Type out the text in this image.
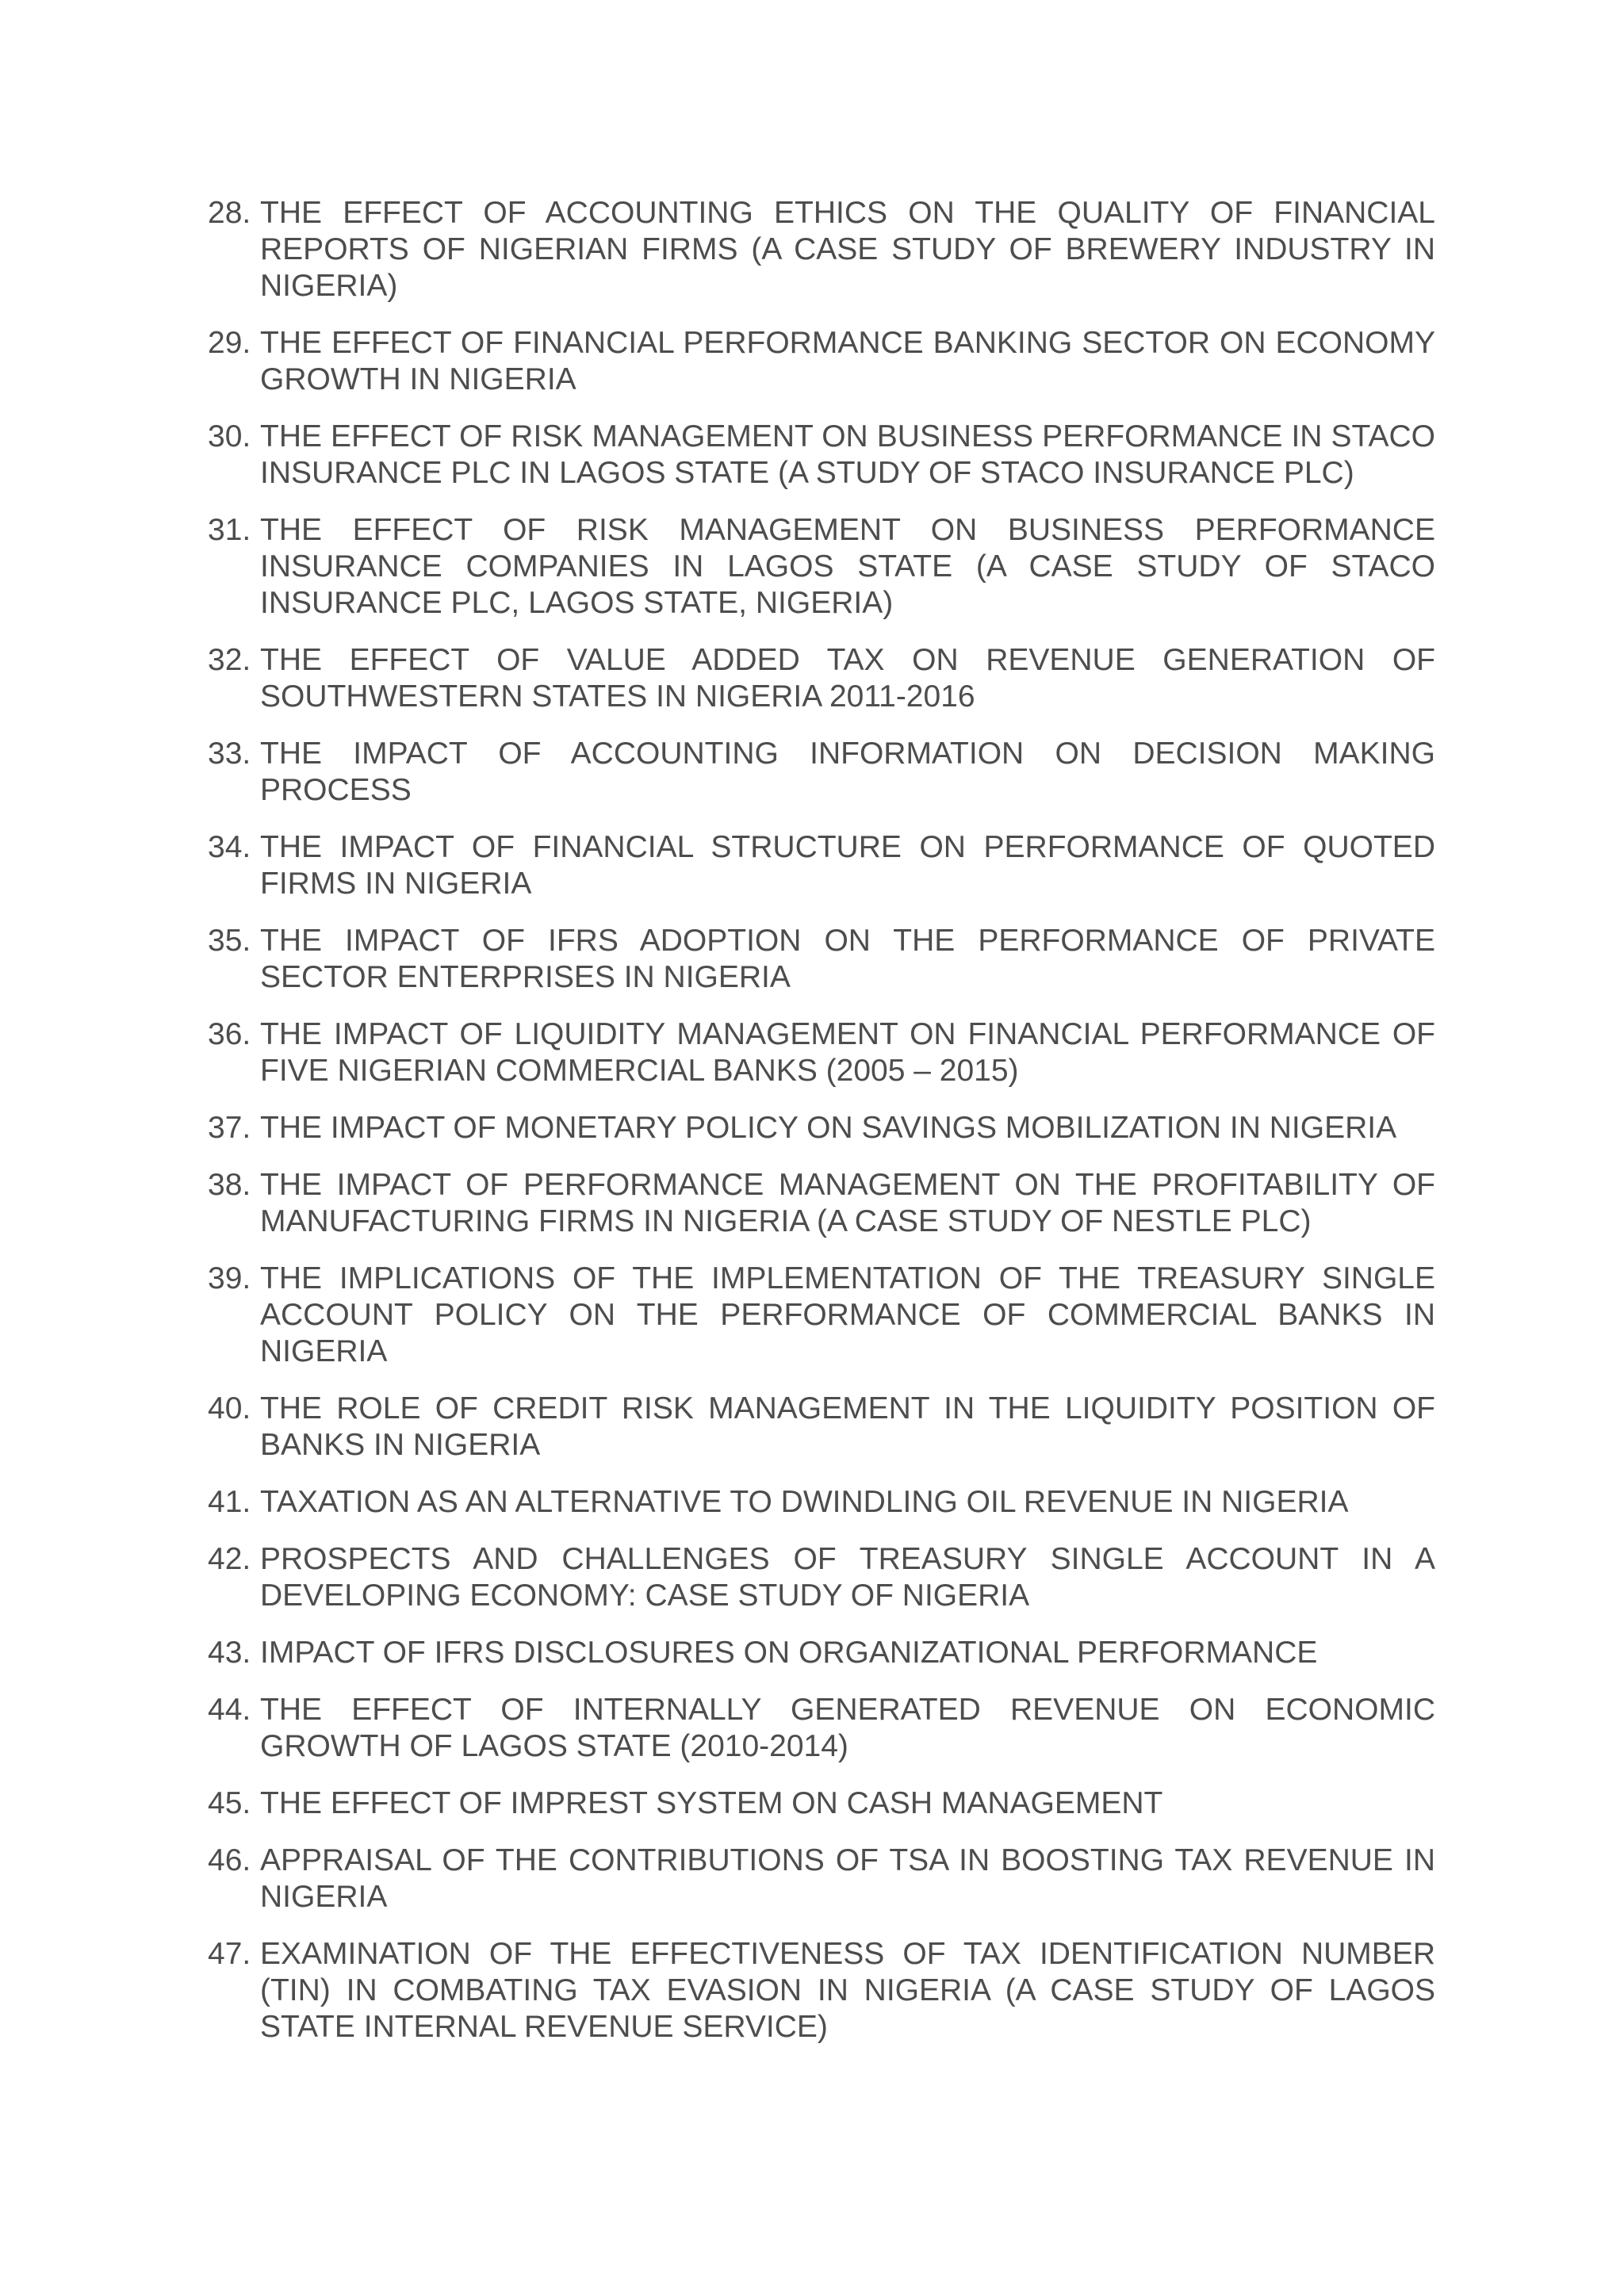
28. THE EFFECT OF ACCOUNTING ETHICS ON THE QUALITY OF FINANCIAL REPORTS OF NIGERIAN FIRMS (A CASE STUDY OF BREWERY INDUSTRY IN NIGERIA)
29. THE EFFECT OF FINANCIAL PERFORMANCE BANKING SECTOR ON ECONOMY GROWTH IN NIGERIA
30. THE EFFECT OF RISK MANAGEMENT ON BUSINESS PERFORMANCE IN STACO INSURANCE PLC IN LAGOS STATE (A STUDY OF STACO INSURANCE PLC)
31. THE EFFECT OF RISK MANAGEMENT ON BUSINESS PERFORMANCE INSURANCE COMPANIES IN LAGOS STATE (A CASE STUDY OF STACO INSURANCE PLC, LAGOS STATE, NIGERIA)
32. THE EFFECT OF VALUE ADDED TAX ON REVENUE GENERATION OF SOUTHWESTERN STATES IN NIGERIA 2011-2016
33. THE IMPACT OF ACCOUNTING INFORMATION ON DECISION MAKING PROCESS
34. THE IMPACT OF FINANCIAL STRUCTURE ON PERFORMANCE OF QUOTED FIRMS IN NIGERIA
35. THE IMPACT OF IFRS ADOPTION ON THE PERFORMANCE OF PRIVATE SECTOR ENTERPRISES IN NIGERIA
36. THE IMPACT OF LIQUIDITY MANAGEMENT ON FINANCIAL PERFORMANCE OF FIVE NIGERIAN COMMERCIAL BANKS (2005 – 2015)
37. THE IMPACT OF MONETARY POLICY ON SAVINGS MOBILIZATION IN NIGERIA
38. THE IMPACT OF PERFORMANCE MANAGEMENT ON THE PROFITABILITY OF MANUFACTURING FIRMS IN NIGERIA (A CASE STUDY OF NESTLE PLC)
39. THE IMPLICATIONS OF THE IMPLEMENTATION OF THE TREASURY SINGLE ACCOUNT POLICY ON THE PERFORMANCE OF COMMERCIAL BANKS IN NIGERIA
40. THE ROLE OF CREDIT RISK MANAGEMENT IN THE LIQUIDITY POSITION OF BANKS IN NIGERIA
41. TAXATION AS AN ALTERNATIVE TO DWINDLING OIL REVENUE IN NIGERIA
42. PROSPECTS AND CHALLENGES OF TREASURY SINGLE ACCOUNT IN A DEVELOPING ECONOMY: CASE STUDY OF NIGERIA
43. IMPACT OF IFRS DISCLOSURES ON ORGANIZATIONAL PERFORMANCE
44. THE EFFECT OF INTERNALLY GENERATED REVENUE ON ECONOMIC GROWTH OF LAGOS STATE (2010-2014)
45. THE EFFECT OF IMPREST SYSTEM ON CASH MANAGEMENT
46. APPRAISAL OF THE CONTRIBUTIONS OF TSA IN BOOSTING TAX REVENUE IN NIGERIA
47. EXAMINATION OF THE EFFECTIVENESS OF TAX IDENTIFICATION NUMBER (TIN) IN COMBATING TAX EVASION IN NIGERIA (A CASE STUDY OF LAGOS STATE INTERNAL REVENUE SERVICE)
